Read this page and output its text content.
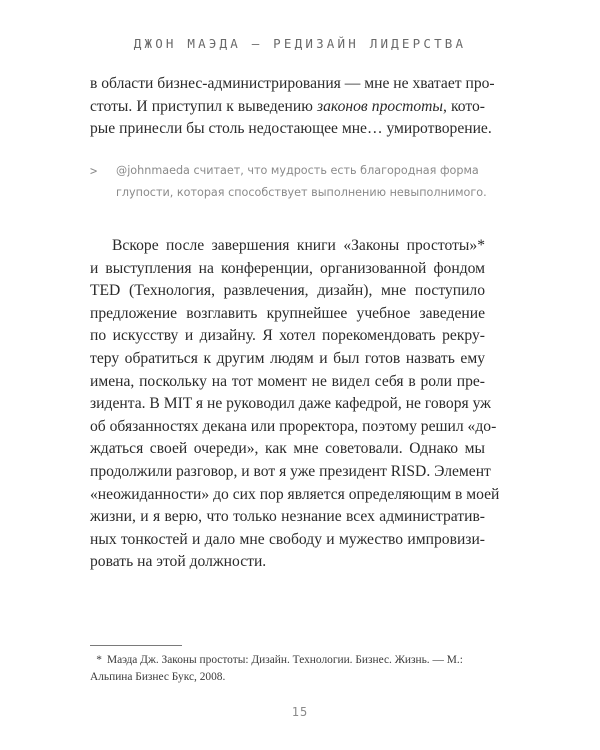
ДЖОН МАЭДА — РЕДИЗАЙН ЛИДЕРСТВА
в области бизнес-администрирования — мне не хватает про-
стоты. И приступил к выведению законов простоты, кото-
рые принесли бы столь недостающее мне… умиротворение.
> @johnmaeda считает, что мудрость есть благородная форма
глупости, которая способствует выполнению невыполнимого.
Вскоре после завершения книги «Законы простоты»*
и выступления на конференции, организованной фондом
TED (Технология, развлечения, дизайн), мне поступило
предложение возглавить крупнейшее учебное заведение
по искусству и дизайну. Я хотел порекомендовать рекру-
теру обратиться к другим людям и был готов назвать ему
имена, поскольку на тот момент не видел себя в роли пре-
зидента. В MIT я не руководил даже кафедрой, не говоря уж
об обязанностях декана или проректора, поэтому решил «до-
ждаться своей очереди», как мне советовали. Однако мы
продолжили разговор, и вот я уже президент RISD. Элемент
«неожиданности» до сих пор является определяющим в моей
жизни, и я верю, что только незнание всех административ-
ных тонкостей и дало мне свободу и мужество импровизи-
ровать на этой должности.
* Маэда Дж. Законы простоты: Дизайн. Технологии. Бизнес. Жизнь. — М.:
Альпина Бизнес Букс, 2008.
15
